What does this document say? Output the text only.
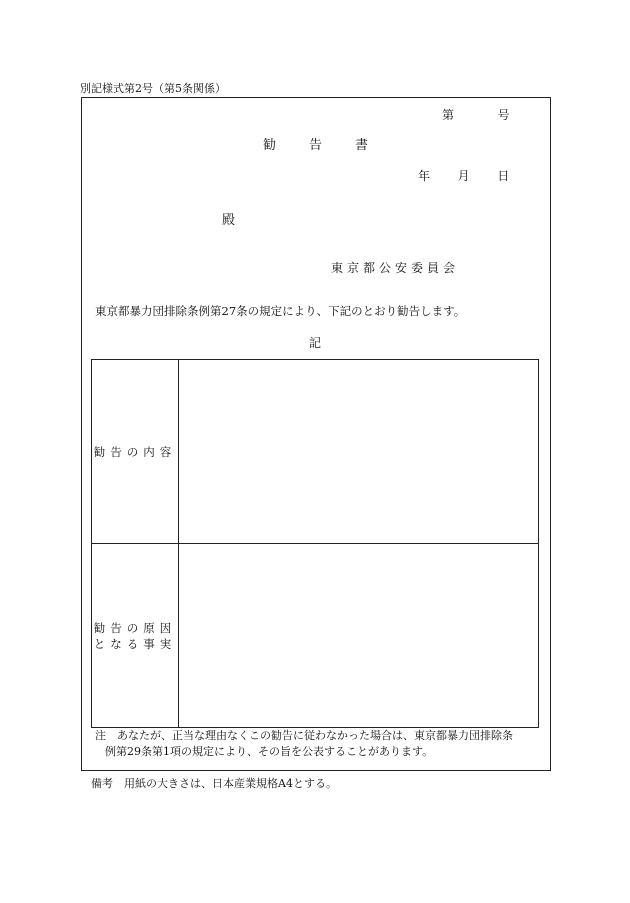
別記様式第2号（第5条関係）
第	号
勧告書
年 月 日
殿
東京都公安委員会
東京都暴力団排除条例第27条の規定により、下記のとおり勧告します。
記
勧告の内容
勧告の原因
となる事実
注　あなたが、正当な理由なくこの勧告に従わなかった場合は、東京都暴力団排除条
例第29条第1項の規定により、その旨を公表することがあります。
備考　用紙の大きさは、日本産業規格A4とする。
